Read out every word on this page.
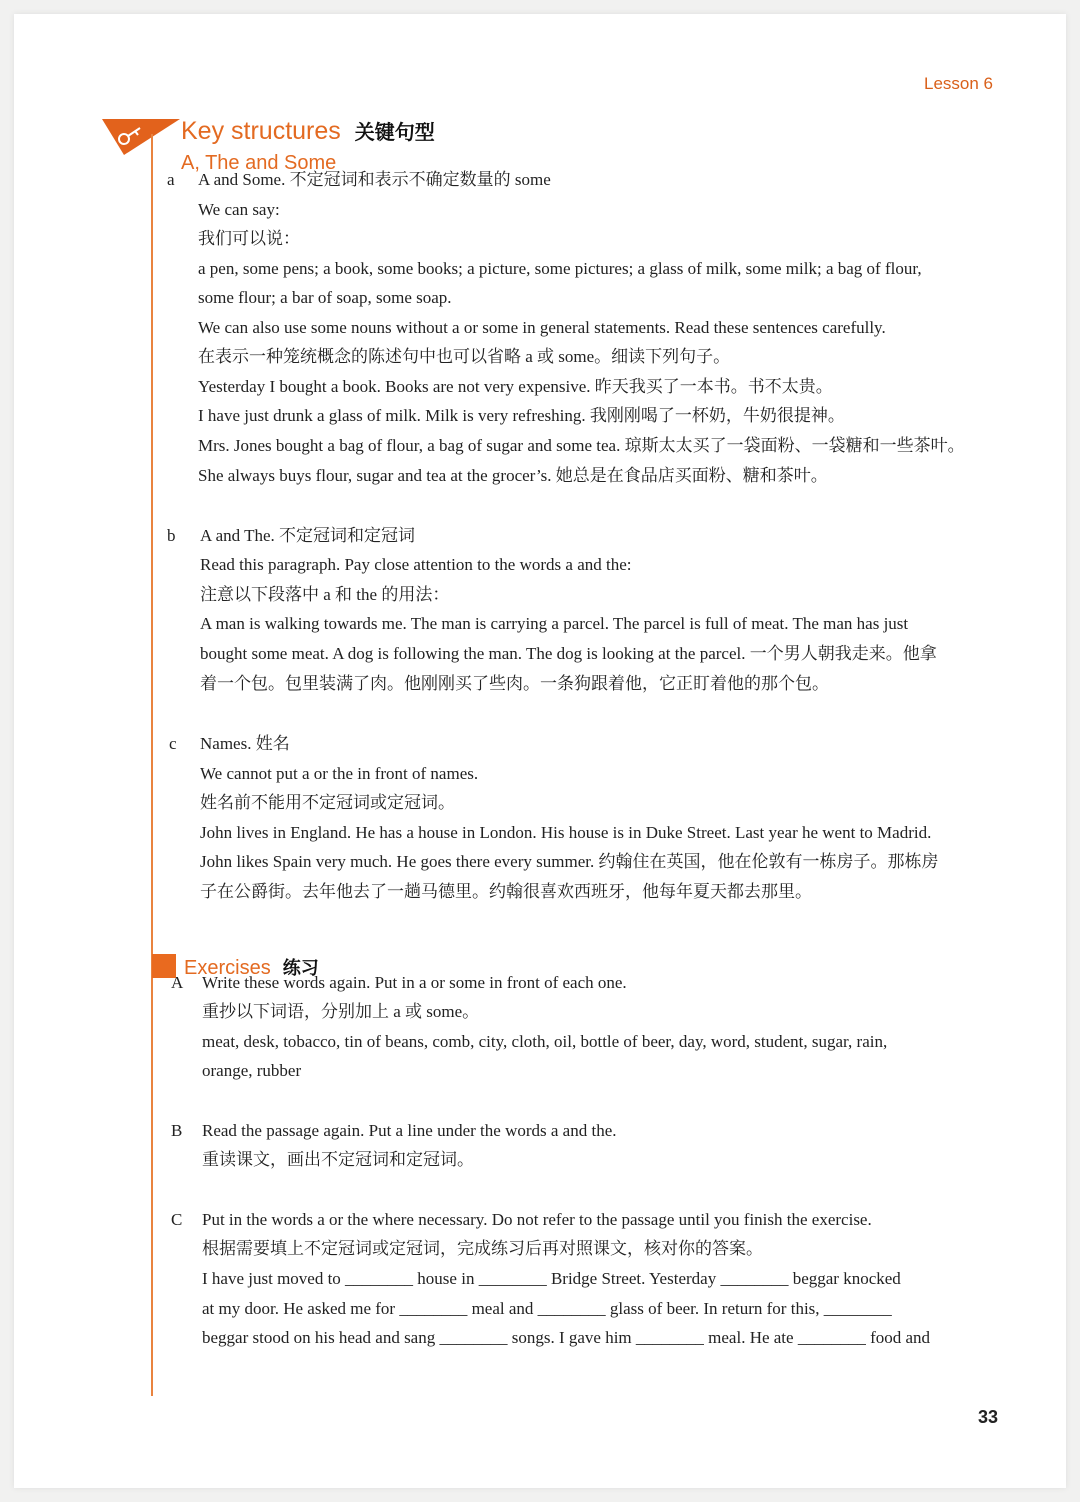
Lesson 6
Key structures 关键句型
A, The and Some
a A and Some. 不定冠词和表示不确定数量的 some
We can say:
我们可以说：
a pen, some pens; a book, some books; a picture, some pictures; a glass of milk, some milk; a bag of flour,
some flour; a bar of soap, some soap.
We can also use some nouns without a or some in general statements. Read these sentences carefully.
在表示一种笼统概念的陈述句中也可以省略 a 或 some。细读下列句子。
Yesterday I bought a book. Books are not very expensive. 昨天我买了一本书。书不太贵。
I have just drunk a glass of milk. Milk is very refreshing. 我刚刚喝了一杯奶，牛奶很提神。
Mrs. Jones bought a bag of flour, a bag of sugar and some tea. 琼斯太太买了一袋面粉、一袋糖和一些茶叶。
She always buys flour, sugar and tea at the grocer’s. 她总是在食品店买面粉、糖和茶叶。
b A and The. 不定冠词和定冠词
Read this paragraph. Pay close attention to the words a and the:
注意以下段落中 a 和 the 的用法：
A man is walking towards me. The man is carrying a parcel. The parcel is full of meat. The man has just
bought some meat. A dog is following the man. The dog is looking at the parcel. 一个男人朝我走来。他拿
着一个包。包里装满了肉。他刚刚买了些肉。一条狗跟着他，它正盯着他的那个包。
c Names. 姓名
We cannot put a or the in front of names.
姓名前不能用不定冠词或定冠词。
John lives in England. He has a house in London. His house is in Duke Street. Last year he went to Madrid.
John likes Spain very much. He goes there every summer. 约翰住在英国，他在伦敦有一栋房子。那栋房
子在公爵街。去年他去了一趟马德里。约翰很喜欢西班牙，他每年夏天都去那里。
Exercises 练习
A Write these words again. Put in a or some in front of each one.
重抄以下词语，分别加上 a 或 some。
meat, desk, tobacco, tin of beans, comb, city, cloth, oil, bottle of beer, day, word, student, sugar, rain,
orange, rubber
B Read the passage again. Put a line under the words a and the.
重读课文，画出不定冠词和定冠词。
C Put in the words a or the where necessary. Do not refer to the passage until you finish the exercise.
根据需要填上不定冠词或定冠词，完成练习后再对照课文，核对你的答案。
I have just moved to ________ house in ________ Bridge Street. Yesterday ________ beggar knocked
at my door. He asked me for ________ meal and ________ glass of beer. In return for this, ________
beggar stood on his head and sang ________ songs. I gave him ________ meal. He ate ________ food and
33
